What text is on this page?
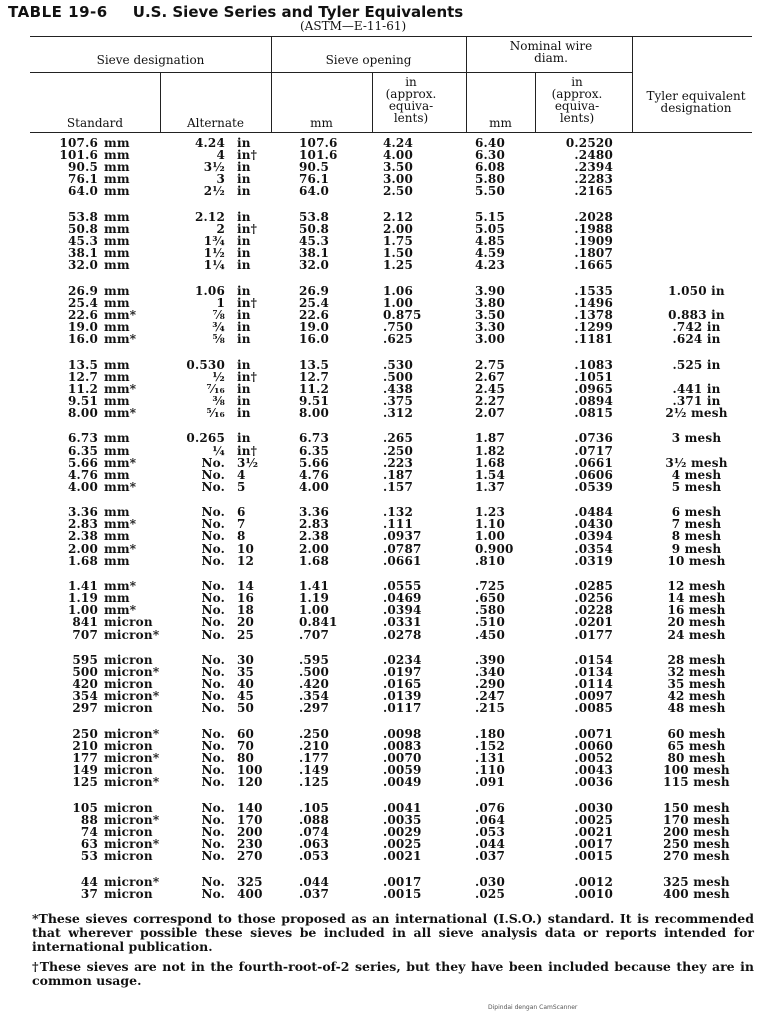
TABLE 19-6 U.S. Sieve Series and Tyler Equivalents
(ASTM—E-11-61)
Sieve designation	Sieve opening
Nominal wire diam.
Standard	Alternate	mm
in (approx. equiva- lents)	mm
in (approx. equiva- lents)
Tyler equivalent designation
107.6 mm	4.24 in	107.6	4.24	6.40	0.2520
101.6 mm	4 in†	101.6	4.00	6.30	.2480
90.5 mm	3½ in	90.5	3.50	6.08	.2394
76.1 mm	3 in	76.1	3.00	5.80	.2283
64.0 mm	2½ in	64.0	2.50	5.50	.2165
53.8 mm	2.12 in	53.8	2.12	5.15	.2028
50.8 mm	2 in†	50.8	2.00	5.05	.1988
45.3 mm	1¾ in	45.3	1.75	4.85	.1909
38.1 mm	1½ in	38.1	1.50	4.59	.1807
32.0 mm	1¼ in	32.0	1.25	4.23	.1665
26.9 mm	1.06 in	26.9	1.06	3.90	.1535	1.050 in
25.4 mm	1 in†	25.4	1.00	3.80	.1496
22.6 mm*	⅞ in	22.6	0.875	3.50	.1378	0.883 in
19.0 mm	¾ in	19.0	.750	3.30	.1299	.742 in
16.0 mm*	⅝ in	16.0	.625	3.00	.1181	.624 in
13.5 mm	0.530 in	13.5	.530	2.75	.1083	.525 in
12.7 mm	½ in†	12.7	.500	2.67	.1051
11.2 mm*	⁷⁄₁₆ in	11.2	.438	2.45	.0965	.441 in
9.51 mm	⅜ in	9.51	.375	2.27	.0894	.371 in
8.00 mm*	⁵⁄₁₆ in	8.00	.312	2.07	.0815	2½ mesh
6.73 mm	0.265 in	6.73	.265	1.87	.0736	3 mesh
6.35 mm	¼ in†	6.35	.250	1.82	.0717
5.66 mm*	No. 3½	5.66	.223	1.68	.0661	3½ mesh
4.76 mm	No. 4	4.76	.187	1.54	.0606	4 mesh
4.00 mm*	No. 5	4.00	.157	1.37	.0539	5 mesh
3.36 mm	No. 6	3.36	.132	1.23	.0484	6 mesh
2.83 mm*	No. 7	2.83	.111	1.10	.0430	7 mesh
2.38 mm	No. 8	2.38	.0937	1.00	.0394	8 mesh
2.00 mm*	No. 10	2.00	.0787	0.900	.0354	9 mesh
1.68 mm	No. 12	1.68	.0661	.810	.0319	10 mesh
1.41 mm*	No. 14	1.41	.0555	.725	.0285	12 mesh
1.19 mm	No. 16	1.19	.0469	.650	.0256	14 mesh
1.00 mm*	No. 18	1.00	.0394	.580	.0228	16 mesh
841 micron	No. 20	0.841	.0331	.510	.0201	20 mesh
707 micron*	No. 25	.707	.0278	.450	.0177	24 mesh
595 micron	No. 30	.595	.0234	.390	.0154	28 mesh
500 micron*	No. 35	.500	.0197	.340	.0134	32 mesh
420 micron	No. 40	.420	.0165	.290	.0114	35 mesh
354 micron*	No. 45	.354	.0139	.247	.0097	42 mesh
297 micron	No. 50	.297	.0117	.215	.0085	48 mesh
250 micron*	No. 60	.250	.0098	.180	.0071	60 mesh
210 micron	No. 70	.210	.0083	.152	.0060	65 mesh
177 micron*	No. 80	.177	.0070	.131	.0052	80 mesh
149 micron	No. 100	.149	.0059	.110	.0043	100 mesh
125 micron*	No. 120	.125	.0049	.091	.0036	115 mesh
105 micron	No. 140	.105	.0041	.076	.0030	150 mesh
88 micron*	No. 170	.088	.0035	.064	.0025	170 mesh
74 micron	No. 200	.074	.0029	.053	.0021	200 mesh
63 micron*	No. 230	.063	.0025	.044	.0017	250 mesh
53 micron	No. 270	.053	.0021	.037	.0015	270 mesh
44 micron*	No. 325	.044	.0017	.030	.0012	325 mesh
37 micron	No. 400	.037	.0015	.025	.0010	400 mesh

*These sieves correspond to those proposed as an international (I.S.O.) standard. It is recommended that wherever possible these sieves be included in all sieve analysis data or reports intended for international publication.

†These sieves are not in the fourth-root-of-2 series, but they have been included because they are in common usage.

Dipindai dengan CamScanner
